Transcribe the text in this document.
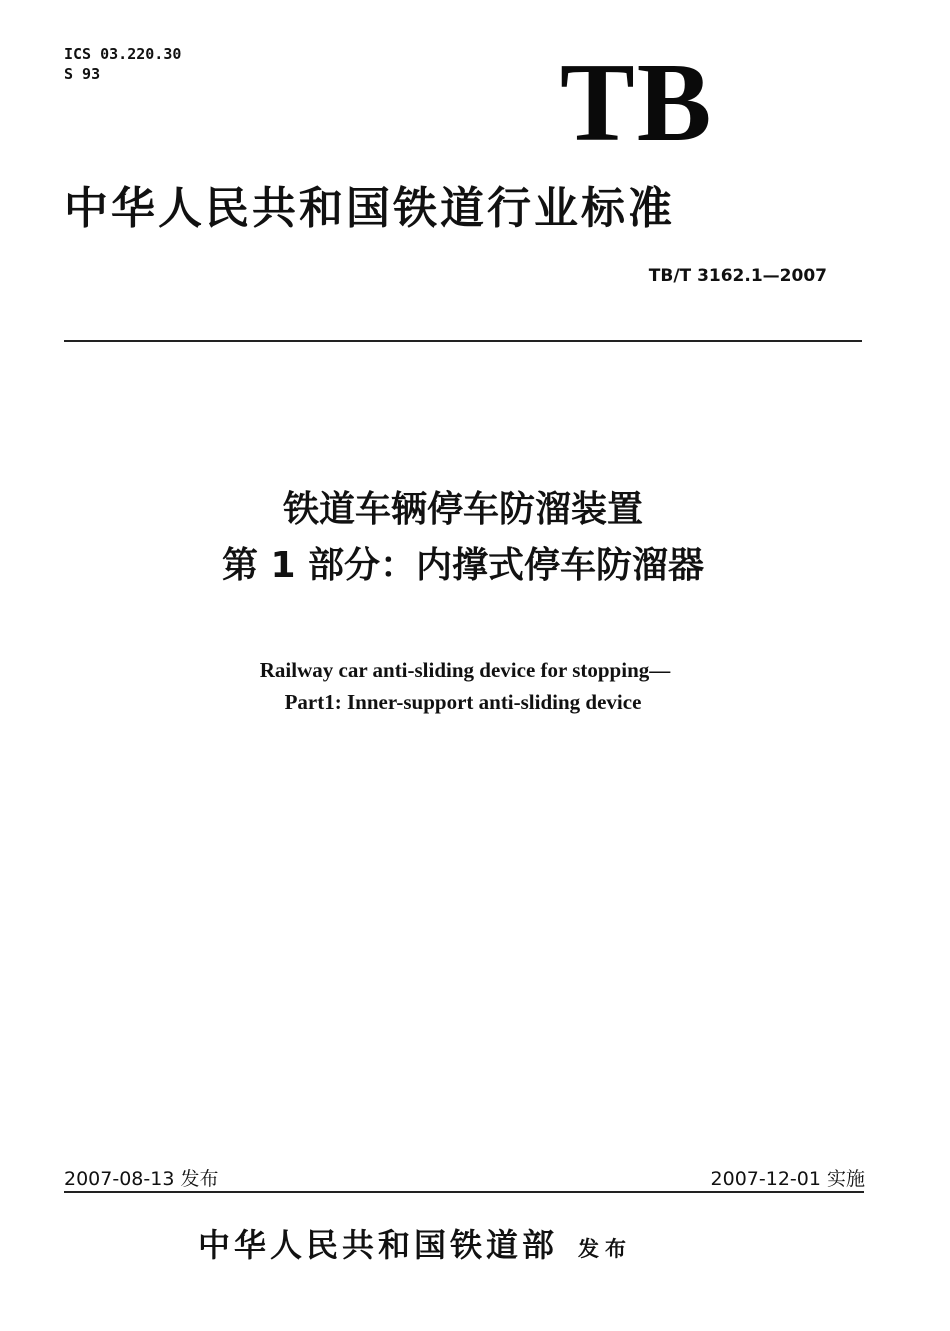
ICS 03.220.30
S 93	TB
中华人民共和国铁道行业标准
TB/T 3162.1—2007
铁道车辆停车防溜装置
第 1 部分：内撑式停车防溜器
Railway car anti-sliding device for stopping—
Part1: Inner-support anti-sliding device
2007-08-13 发布	2007-12-01 实施
中华人民共和国铁道部 发布
